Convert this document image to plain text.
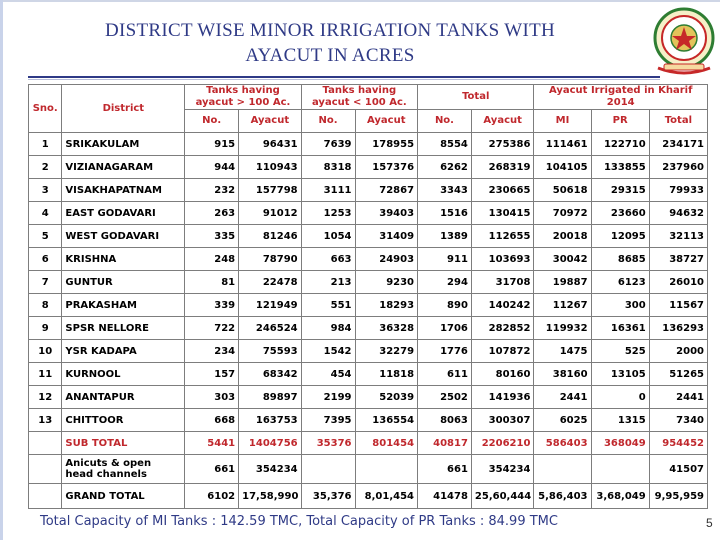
DISTRICT WISE MINOR IRRIGATION TANKS WITH
AYACUT IN ACRES
Sno.	District	Tanks having ayacut > 100 Ac.		Tanks having ayacut < 100 Ac.		Total		Ayacut Irrigated in Kharif 2014		
		No.	Ayacut	No.	Ayacut	No.	Ayacut	MI	PR	Total
1	SRIKAKULAM	915	96431	7639	178955	8554	275386	111461	122710	234171
2	VIZIANAGARAM	944	110943	8318	157376	6262	268319	104105	133855	237960
3	VISAKHAPATNAM	232	157798	3111	72867	3343	230665	50618	29315	79933
4	EAST GODAVARI	263	91012	1253	39403	1516	130415	70972	23660	94632
5	WEST GODAVARI	335	81246	1054	31409	1389	112655	20018	12095	32113
6	KRISHNA	248	78790	663	24903	911	103693	30042	8685	38727
7	GUNTUR	81	22478	213	9230	294	31708	19887	6123	26010
8	PRAKASHAM	339	121949	551	18293	890	140242	11267	300	11567
9	SPSR NELLORE	722	246524	984	36328	1706	282852	119932	16361	136293
10	YSR KADAPA	234	75593	1542	32279	1776	107872	1475	525	2000
11	KURNOOL	157	68342	454	11818	611	80160	38160	13105	51265
12	ANANTAPUR	303	89897	2199	52039	2502	141936	2441	0	2441
13	CHITTOOR	668	163753	7395	136554	8063	300307	6025	1315	7340
	SUB TOTAL	5441	1404756	35376	801454	40817	2206210	586403	368049	954452
	Anicuts & open head channels	661	354234			661	354234			41507
	GRAND TOTAL	6102	17,58,990	35,376	8,01,454	41478	25,60,444	5,86,403	3,68,049	9,95,959
Total Capacity of MI Tanks : 142.59 TMC, Total Capacity of PR Tanks : 84.99 TMC	5
